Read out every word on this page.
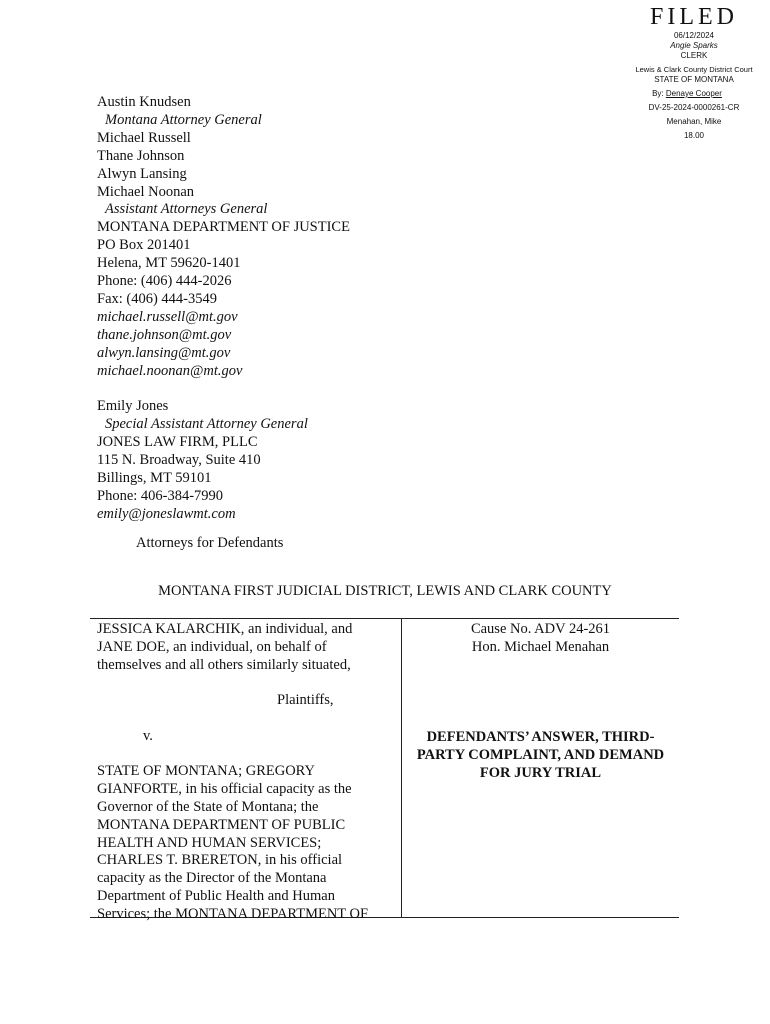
FILED
06/12/2024
Angie Sparks
CLERK
Lewis & Clark County District Court
STATE OF MONTANA
By: Denaye Cooper
DV-25-2024-0000261-CR
Menahan, Mike
18.00
Austin Knudsen
Montana Attorney General
Michael Russell
Thane Johnson
Alwyn Lansing
Michael Noonan
Assistant Attorneys General
MONTANA DEPARTMENT OF JUSTICE
PO Box 201401
Helena, MT 59620-1401
Phone: (406) 444-2026
Fax: (406) 444-3549
michael.russell@mt.gov
thane.johnson@mt.gov
alwyn.lansing@mt.gov
michael.noonan@mt.gov
Emily Jones
Special Assistant Attorney General
JONES LAW FIRM, PLLC
115 N. Broadway, Suite 410
Billings, MT 59101
Phone: 406-384-7990
emily@joneslawmt.com
Attorneys for Defendants
MONTANA FIRST JUDICIAL DISTRICT, LEWIS AND CLARK COUNTY
JESSICA KALARCHIK, an individual, and
JANE DOE, an individual, on behalf of
themselves and all others similarly situated,
Plaintiffs,
v.
STATE OF MONTANA; GREGORY
GIANFORTE, in his official capacity as the
Governor of the State of Montana; the
MONTANA DEPARTMENT OF PUBLIC
HEALTH AND HUMAN SERVICES;
CHARLES T. BRERETON, in his official
capacity as the Director of the Montana
Department of Public Health and Human
Services; the MONTANA DEPARTMENT OF
Cause No. ADV 24-261
Hon. Michael Menahan
DEFENDANTS’ ANSWER, THIRD-PARTY COMPLAINT, AND DEMAND FOR JURY TRIAL
